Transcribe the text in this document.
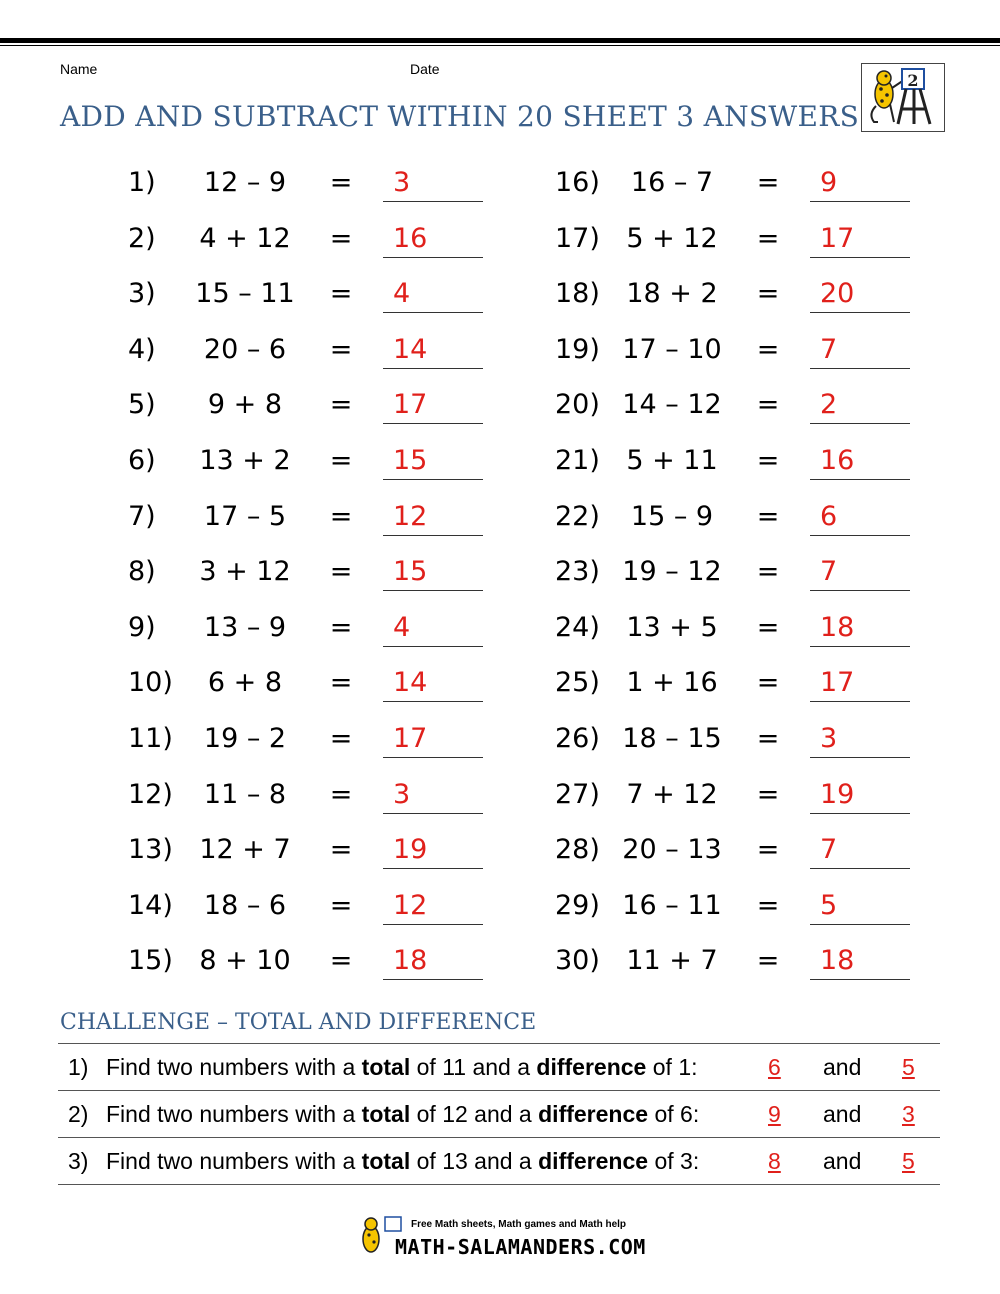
Name	Date
ADD AND SUBTRACT WITHIN 20 SHEET 3 ANSWERS
2
1)	12 – 9	= 3
2)	4 + 12	= 16
3)	15 – 11 = 4
4)	20 – 6	= 14
5)	9 + 8	= 17
6)	13 + 2	= 15
7)	17 – 5	= 12
8)	3 + 12	= 15
9)	13 – 9	= 4
10)	6 + 8	= 14
11)	19 – 2	= 17
12)	11 – 8	= 3
13) 12 + 7	= 19
14)	18 – 6	= 12
15) 8 + 10	= 18
16)	16 – 7	= 9
17) 5 + 12	= 17
18) 18 + 2	= 20
19) 17 – 10 = 7
20) 14 – 12 = 2
21) 5 + 11	= 16
22)	15 – 9	= 6
23) 19 – 12 = 7
24) 13 + 5	= 18
25) 1 + 16	= 17
26) 18 – 15 = 3
27) 7 + 12	= 19
28) 20 – 13 = 7
29) 16 – 11 = 5
30) 11 + 7	= 18
CHALLENGE – TOTAL AND DIFFERENCE
1) Find two numbers with a total of 11 and a difference of 1:	6 and 5
2) Find two numbers with a total of 12 and a difference of 6:	9 and 3
3) Find two numbers with a total of 13 and a difference of 3:	8 and 5
Free Math sheets, Math games and Math help
MATH-SALAMANDERS.COM
